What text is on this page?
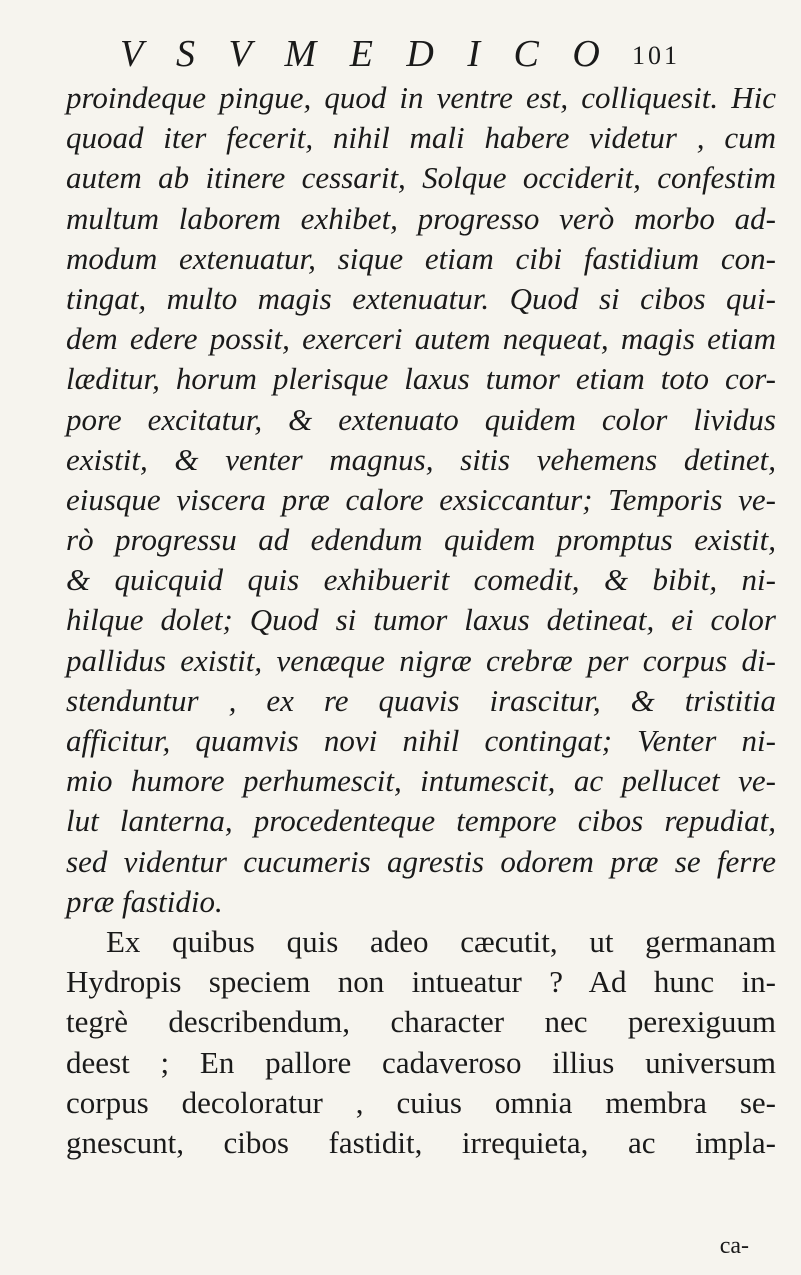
V S V M E D I C O 101
proindeque pingue, quod in ventre est, colliquesit. Hic
quoad iter fecerit, nihil mali habere videtur , cum
autem ab itinere cessarit, Solque occiderit, confestim
multum laborem exhibet, progresso verò morbo ad-
modum extenuatur, sique etiam cibi fastidium con-
tingat, multo magis extenuatur. Quod si cibos qui-
dem edere possit, exerceri autem nequeat, magis etiam
læditur, horum plerisque laxus tumor etiam toto cor-
pore excitatur, & extenuato quidem color lividus
existit, & venter magnus, sitis vehemens detinet,
eiusque viscera præ calore exsiccantur; Temporis ve-
rò progressu ad edendum quidem promptus existit,
& quicquid quis exhibuerit comedit, & bibit, ni-
hilque dolet; Quod si tumor laxus detineat, ei color
pallidus existit, venæque nigræ crebræ per corpus di-
stenduntur , ex re quavis irascitur, & tristitia
afficitur, quamvis novi nihil contingat; Venter ni-
mio humore perhumescit, intumescit, ac pellucet ve-
lut lanterna, procedenteque tempore cibos repudiat,
sed videntur cucumeris agrestis odorem præ se ferre
præ fastidio.
Ex quibus quis adeo cæcutit, ut germanam
Hydropis speciem non intueatur ? Ad hunc in-
tegrè describendum, character nec perexiguum
deest ; En pallore cadaveroso illius universum
corpus decoloratur , cuius omnia membra se-
gnescunt, cibos fastidit, irrequieta, ac impla-
ca-
